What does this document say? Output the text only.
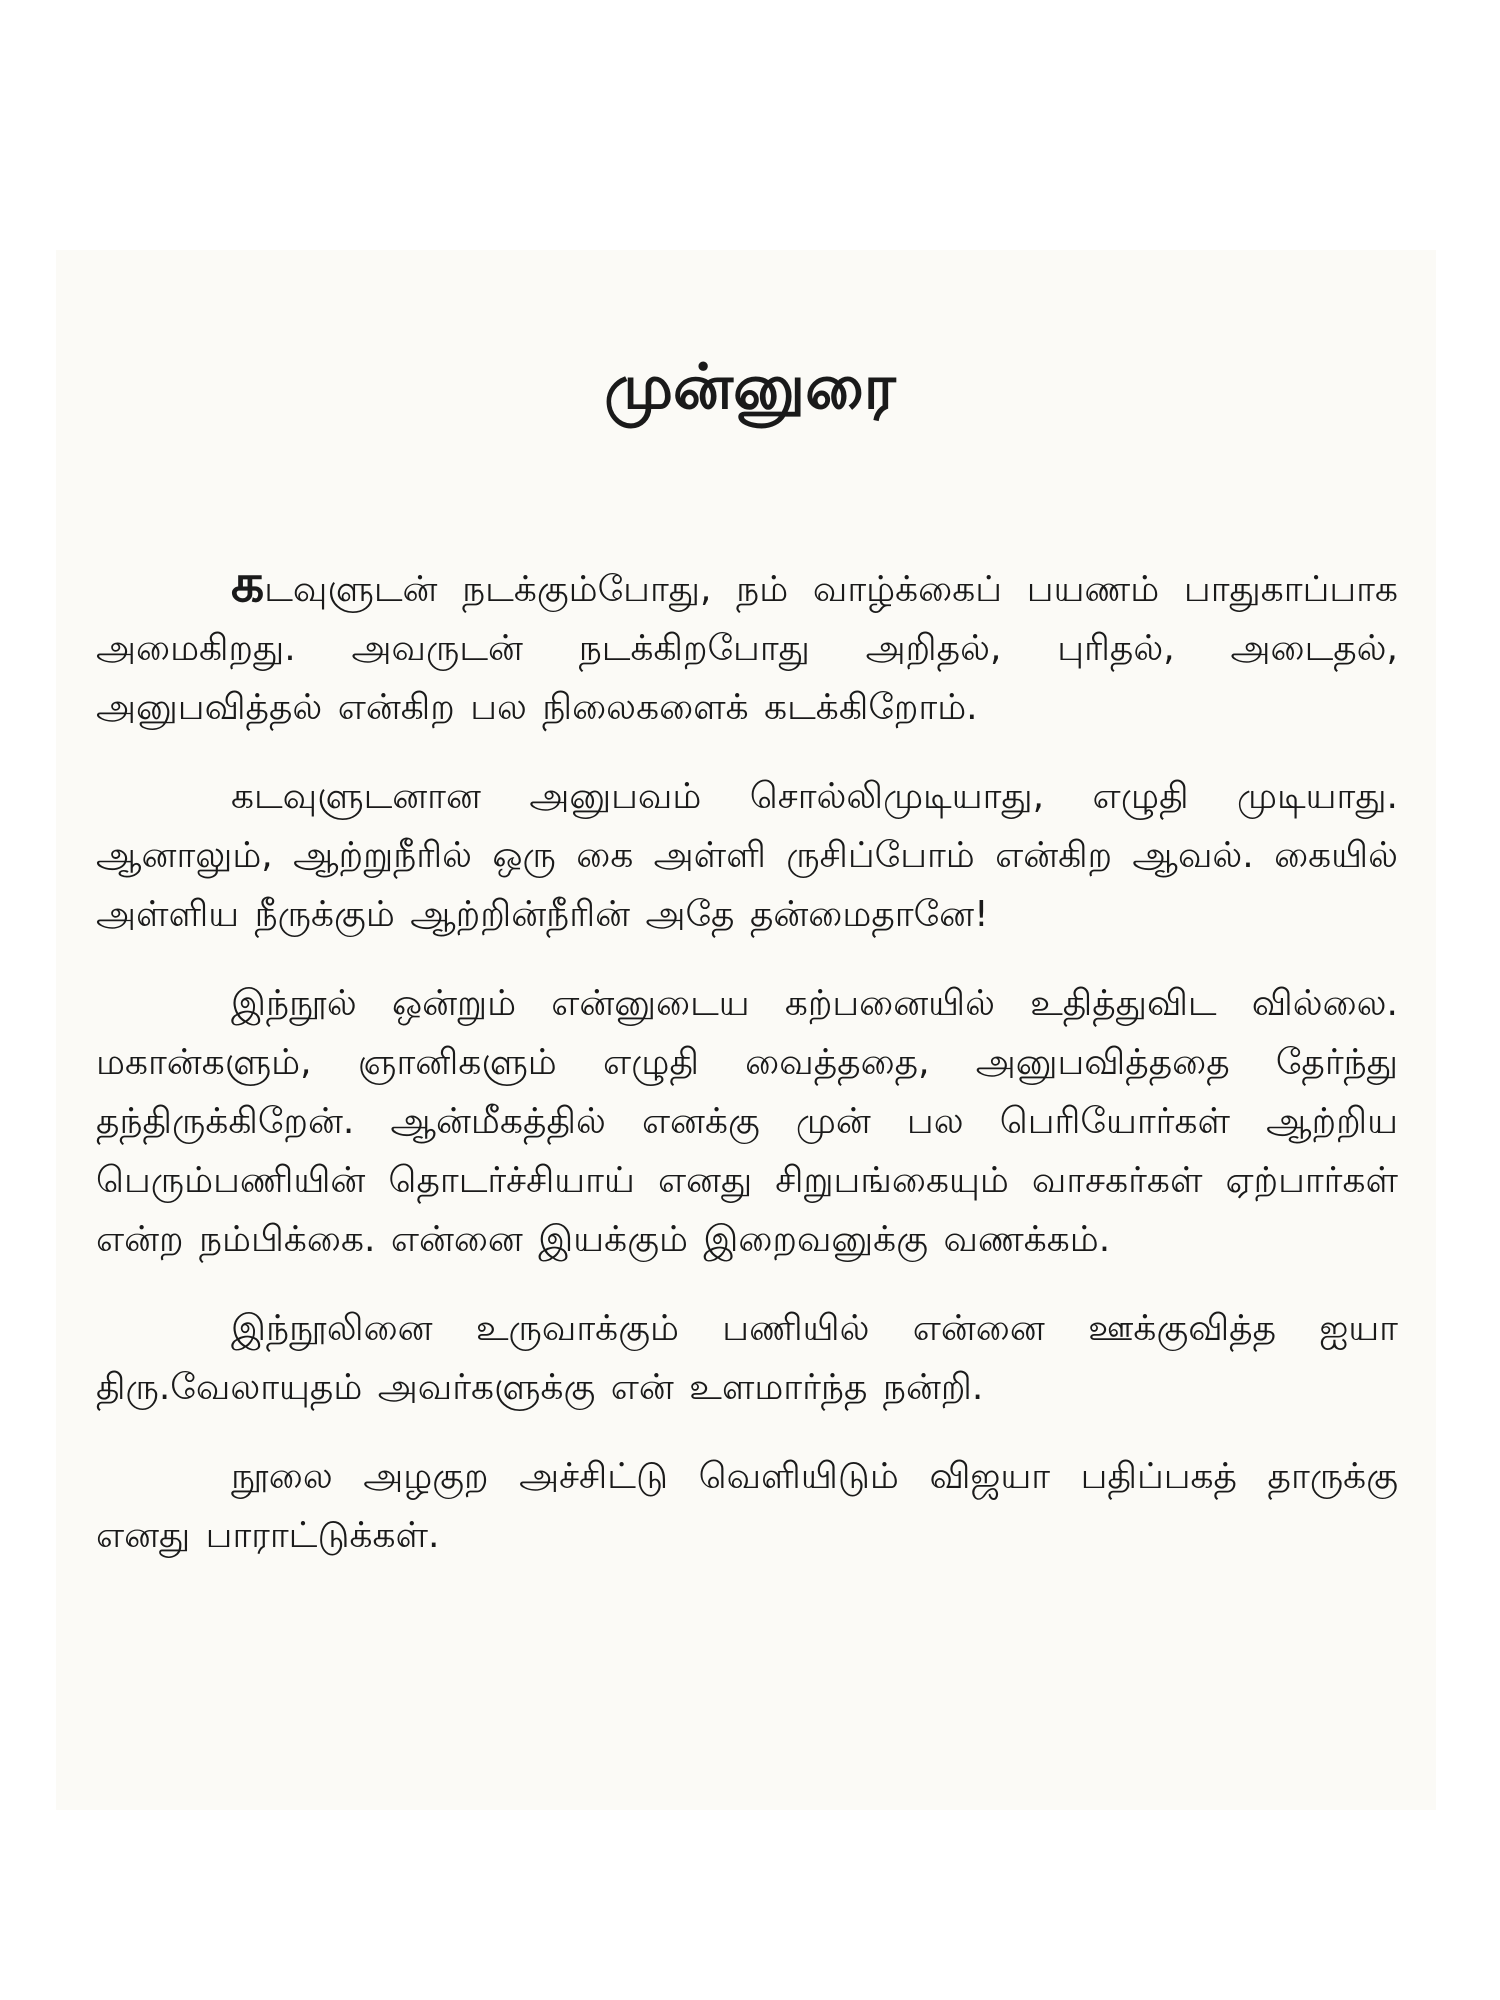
முன்னுரை

கடவுளுடன் நடக்கும்போது, நம் வாழ்க்கைப் பயணம் பாதுகாப்பாக அமைகிறது. அவருடன் நடக்கிறபோது அறிதல், புரிதல், அடைதல், அனுபவித்தல் என்கிற பல நிலைகளைக் கடக்கிறோம்.

கடவுளுடனான அனுபவம் சொல்லிமுடியாது, எழுதி முடியாது. ஆனாலும், ஆற்றுநீரில் ஒரு கை அள்ளி ருசிப்போம் என்கிற ஆவல். கையில் அள்ளிய நீருக்கும் ஆற்றின்நீரின் அதே தன்மைதானே!

இந்நூல் ஒன்றும் என்னுடைய கற்பனையில் உதித்துவிட வில்லை. மகான்களும், ஞானிகளும் எழுதி வைத்ததை, அனுபவித்ததை தேர்ந்து தந்திருக்கிறேன். ஆன்மீகத்தில் எனக்கு முன் பல பெரியோர்கள் ஆற்றிய பெரும்பணியின் தொடர்ச்சியாய் எனது சிறுபங்கையும் வாசகர்கள் ஏற்பார்கள் என்ற நம்பிக்கை. என்னை இயக்கும் இறைவனுக்கு வணக்கம்.

இந்நூலினை உருவாக்கும் பணியில் என்னை ஊக்குவித்த ஐயா திரு.வேலாயுதம் அவர்களுக்கு என் உளமார்ந்த நன்றி.

நூலை அழகுற அச்சிட்டு வெளியிடும் விஜயா பதிப்பகத் தாருக்கு எனது பாராட்டுக்கள்.
